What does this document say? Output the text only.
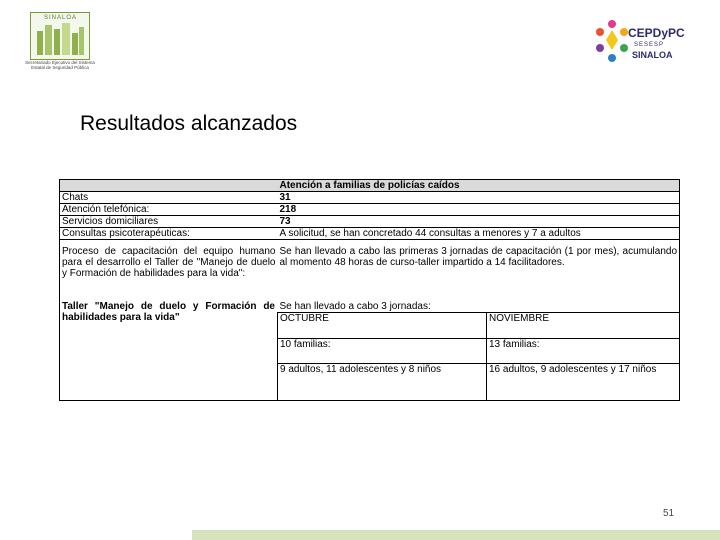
SINALOA
Secretariado Ejecutivo del Sistema Estatal de Seguridad Pública
CEPDyPC
SESESP
SINALOA
Resultados alcanzados
	Atención a familias de policías caídos	
Chats	31	
Atención telefónica:	218	
Servicios domiciliares	73	
Consultas psicoterapéuticas:	A solicitud, se han concretado 44 consultas a menores y 7 a adultos	

Proceso de capacitación del equipo humano para el desarrollo el Taller de "Manejo de duelo y Formación de habilidades para la vida":	Se han llevado a cabo las primeras 3 jornadas de capacitación (1 por mes), acumulando al momento 48 horas de curso-taller impartido a 14 facilitadores.	
Taller "Manejo de duelo y Formación de habilidades para la vida"	Se han llevado a cabo 3 jornadas:	
	OCTUBRE	NOVIEMBRE
	10 familias:	13 familias:
	9 adultos, 11 adolescentes y 8 niños	16 adultos, 9 adolescentes y 17 niños
51
